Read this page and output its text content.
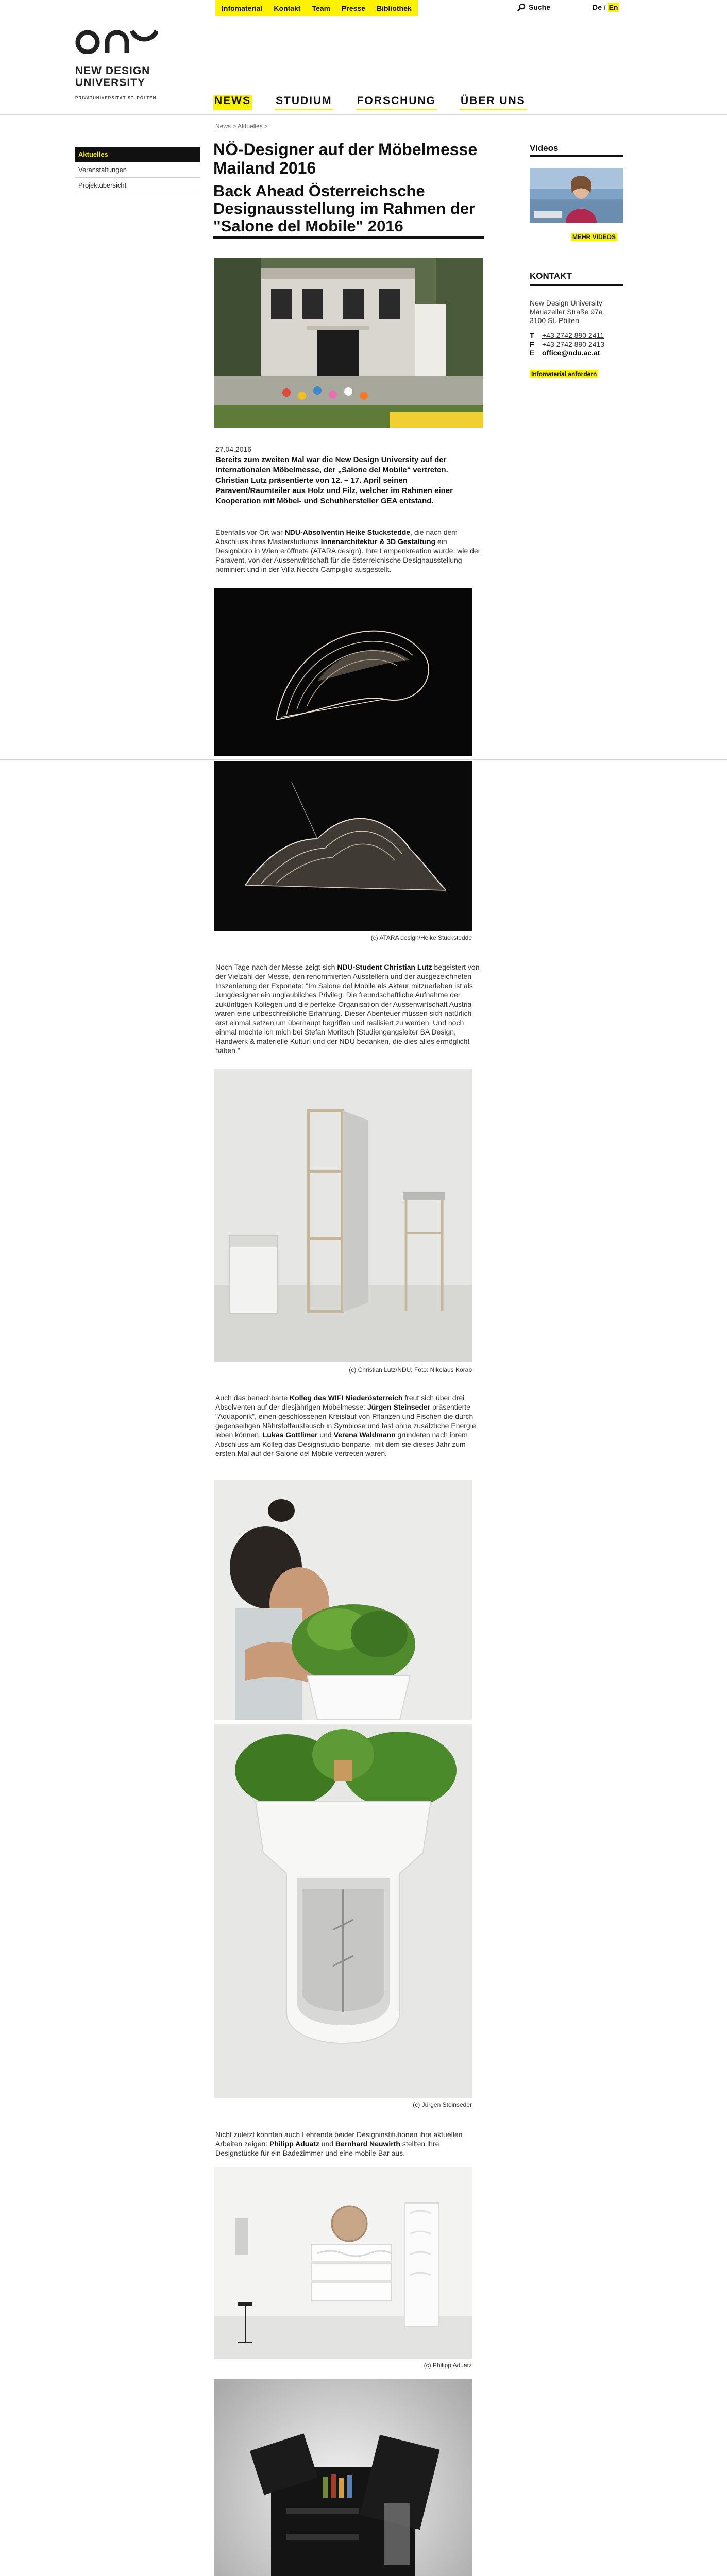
NEW DESIGN
UNIVERSITY
PRIVATUNIVERSITÄT ST. PÖLTEN
Infomaterial Kontakt Team Presse Bibliothek	Suche	De / En
NEWS STUDIUM FORSCHUNG ÜBER UNS
Aktuelles
Veranstaltungen
Projektübersicht
News > Aktuelles >
NÖ-Designer auf der Möbelmesse Mailand 2016
Back Ahead Österreichsche Designausstellung im Rahmen der "Salone del Mobile" 2016
27.04.2016

Bereits zum zweiten Mal war die New Design University auf der internationalen Möbelmesse, der „Salone del Mobile“ vertreten. Christian Lutz präsentierte von 12. – 17. April seinen Paravent/Raumteiler aus Holz und Filz, welcher im Rahmen einer Kooperation mit Möbel- und Schuhhersteller GEA entstand.

Ebenfalls vor Ort war NDU-Absolventin Heike Stuckstedde, die nach dem Abschluss ihres Masterstudiums Innenarchitektur & 3D Gestaltung ein Designbüro in Wien eröffnete (ATARA design). Ihre Lampenkreation wurde, wie der Paravent, von der Aussenwirtschaft für die österreichische Designausstellung nominiert und in der Villa Necchi Campiglio ausgestellt.

(c) ATARA design/Heike Stuckstedde

Noch Tage nach der Messe zeigt sich NDU-Student Christian Lutz begeistert von der Vielzahl der Messe, den renommierten Ausstellern und der ausgezeichneten Inszenierung der Exponate: "Im Salone del Mobile als Akteur mitzuerleben ist als Jungdesigner ein unglaubliches Privileg. Die freundschaftliche Aufnahme der zukünftigen Kollegen und die perfekte Organisation der Aussenwirtschaft Austria waren eine unbeschreibliche Erfahrung. Dieser Abenteuer müssen sich natürlich erst einmal setzen um überhaupt begriffen und realisiert zu werden. Und noch einmal möchte ich mich bei Stefan Moritsch [Studiengangsleiter BA Design, Handwerk & materielle Kultur] und der NDU bedanken, die dies alles ermöglicht haben."

(c) Christian Lutz/NDU; Foto: Nikolaus Korab

Auch das benachbarte Kolleg des WIFI Niederösterreich freut sich über drei Absolventen auf der diesjährigen Möbelmesse: Jürgen Steinseder präsentierte "Aquaponik", einen geschlossenen Kreislauf von Pflanzen und Fischen die durch gegenseitigen Nährstoffaustausch in Symbiose und fast ohne zusätzliche Energie leben können. Lukas Gottlimer und Verena Waldmann gründeten nach ihrem Abschluss am Kolleg das Designstudio bonparte, mit dem sie dieses Jahr zum ersten Mal auf der Salone del Mobile vertreten waren.

(c) Jürgen Steinseder

Nicht zuletzt konnten auch Lehrende beider Designinstitutionen ihre aktuellen Arbeiten zeigen: Philipp Aduatz und Bernhard Neuwirth stellten ihre Designstücke für ein Badezimmer und eine mobile Bar aus.

(c) Philipp Aduatz
Videos
MEHR VIDEOS
KONTAKT
New Design University
Mariazeller Straße 97a
3100 St. Pölten
T +43 2742 890 2411
F +43 2742 890 2413
E office@ndu.ac.at
Infomaterial anfordern
